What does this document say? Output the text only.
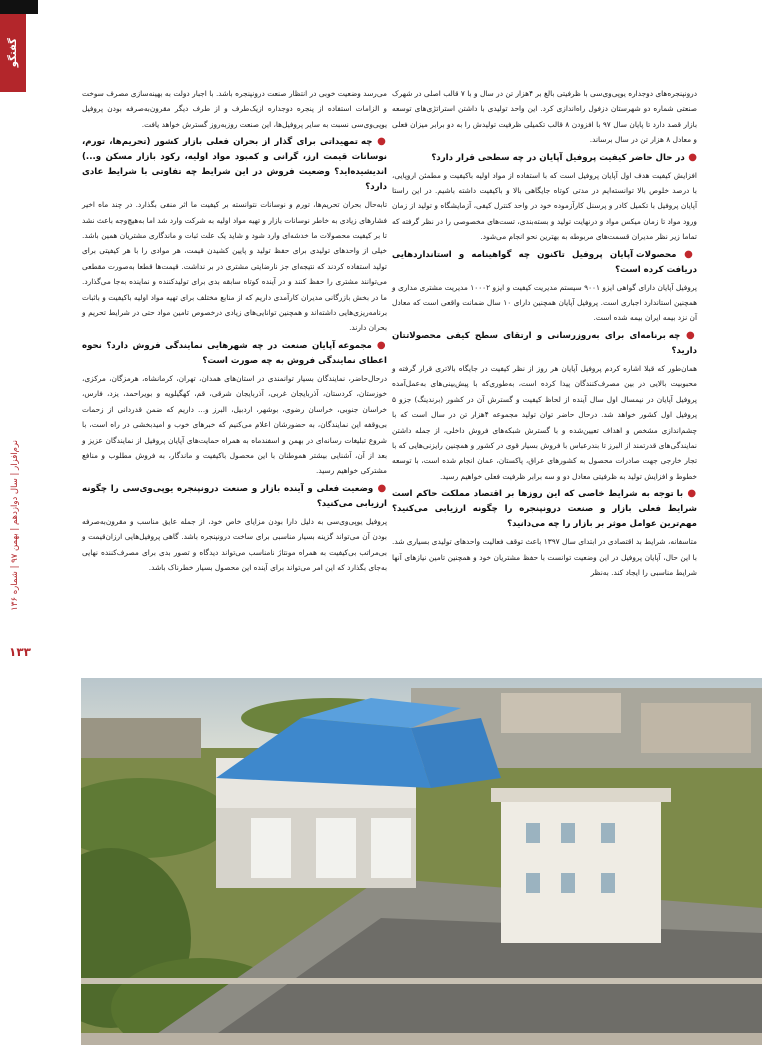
گفتگو
نرم‌افزار | سال دوازدهم | بهمن ۹۷ | شماره ۱۳۶
۱۳۳

درونپنجره‌های دوجداره یوپی‌وی‌سی با ظرفیتی بالغ بر ۴هزار تن در سال و با ۷ قالب اصلی در شهرک صنعتی شماره دو شهرستان دزفول راه‌اندازی کرد. این واحد تولیدی با داشتن استراتژی‌های توسعه بازار قصد دارد تا پایان سال ۹۷ با افزودن ۸ قالب تکمیلی ظرفیت تولیدش را به دو برابر میزان فعلی و معادل ۸ هزار تن در سال برساند.

● در حال حاضر کیفیت پروفیل آپایان در چه سطحی قرار دارد؟

افزایش کیفیت هدف اول آپایان پروفیل است که با استفاده از مواد اولیه باکیفیت و مطمئن اروپایی، با درصد خلوص بالا توانسته‌ایم در مدتی کوتاه جایگاهی بالا و باکیفیت داشته باشیم. در این راستا آپایان پروفیل با تکمیل کادر و پرسنل کارآزموده خود در واحد کنترل کیفی، آزمایشگاه و تولید از زمان ورود مواد تا زمان میکس مواد و درنهایت تولید و بسته‌بندی، تست‌های مخصوصی را در نظر گرفته که تماما زیر نظر مدیران قسمت‌های مربوطه به بهترین نحو انجام می‌شود.

● محصولات آپایان پروفیل تاکنون چه گواهینامه و استانداردهایی دریافت کرده است؟

پروفیل آپایان دارای گواهی ایزو ۹۰۰۱ سیستم مدیریت کیفیت و ایزو ۱۰۰۰۲ مدیریت مشتری مداری و همچنین استاندارد اجباری است. پروفیل آپایان همچنین دارای ۱۰ سال ضمانت واقعی است که معادل آن نزد بیمه ایران بیمه شده است.

● چه برنامه‌ای برای به‌روزرسانی و ارتقای سطح کیفی محصولاتتان دارید؟

همان‌طور که قبلا اشاره کردم پروفیل آپایان هر روز از نظر کیفیت در جایگاه بالاتری قرار گرفته و محبوبیت بالایی در بین مصرف‌کنندگان پیدا کرده است، به‌طوری‌که با پیش‌بینی‌های به‌عمل‌آمده پروفیل آپایان در نیمسال اول سال آینده از لحاظ کیفیت و گسترش آن در کشور (برندینگ) جزو ۵ پروفیل اول کشور خواهد شد. درحال حاضر توان تولید مجموعه ۴هزار تن در سال است که با چشم‌اندازی مشخص و اهداف تعیین‌شده و با گسترش شبکه‌های فروش داخلی، از جمله داشتن نمایندگی‌های قدرتمند از البرز تا بندرعباس با فروش بسیار قوی در کشور و همچنین رایزنی‌هایی که با تجار خارجی جهت صادرات محصول به کشورهای عراق، پاکستان، عمان انجام شده است، با توسعه خطوط و افزایش تولید به ظرفیتی معادل دو و سه برابر ظرفیت فعلی خواهیم رسید.

● با توجه به شرایط خاصی که این روزها بر اقتصاد مملکت حاکم است شرایط فعلی بازار و صنعت درونپنجره را چگونه ارزیابی می‌کنید؟ مهم‌ترین عوامل موثر بر بازار را چه می‌دانید؟

متاسفانه، شرایط بد اقتصادی در ابتدای سال ۱۳۹۷ باعث توقف فعالیت واحدهای تولیدی بسیاری شد. با این حال، آپایان پروفیل در این وضعیت توانست با حفظ مشتریان خود و همچنین تامین نیازهای آنها شرایط مناسبی را ایجاد کند. به‌نظر

می‌رسد وضعیت خوبی در انتظار صنعت درونپنجره باشد. با اجبار دولت به بهینه‌سازی مصرف سوخت و الزامات استفاده از پنجره دوجداره ازیک‌طرف و از طرف دیگر مقرون‌به‌صرفه بودن پروفیل یوپی‌وی‌سی نسبت به سایر پروفیل‌ها، این صنعت روزبه‌روز گسترش خواهد یافت.

● چه تمهیداتی برای گذار از بحران فعلی بازار کشور (تحریم‌ها، تورم، نوسانات قیمت ارز، گرانی و کمبود مواد اولیه، رکود بازار مسکن و...) اندیشیده‌اید؟ وضعیت فروش در این شرایط چه تفاوتی با شرایط عادی دارد؟

تابه‌حال بحران تحریم‌ها، تورم و نوسانات نتوانسته بر کیفیت ما اثر منفی بگذارد. در چند ماه اخیر فشارهای زیادی به خاطر نوسانات بازار و تهیه مواد اولیه به شرکت وارد شد اما به‌هیچ‌وجه باعث نشد تا بر کیفیت محصولات ما خدشه‌ای وارد شود و شاید یک علت ثبات و ماندگاری مشتریان همین باشد. خیلی از واحدهای تولیدی برای حفظ تولید و پایین کشیدن قیمت، هر موادی را با هر کیفیتی برای تولید استفاده کردند که نتیجه‌ای جز نارضایتی مشتری در بر نداشت. قیمت‌ها قطعا به‌صورت مقطعی می‌توانند مشتری را حفظ کنند و در آینده کوتاه سابقه بدی برای تولیدکننده و نماینده به‌جا می‌گذارد. ما در بخش بازرگانی مدیران کارآمدی داریم که از منابع مختلف برای تهیه مواد اولیه باکیفیت و باثبات برنامه‌ریزی‌هایی داشته‌اند و همچنین توانایی‌های زیادی درخصوص تامین مواد حتی در شرایط تحریم و بحران دارند.

● مجموعه آپایان صنعت در چه شهرهایی نمایندگی فروش دارد؟ نحوه اعطای نمایندگی فروش به چه صورت است؟

درحال‌حاضر، نمایندگان بسیار توانمندی در استان‌های همدان، تهران، کرمانشاه، هرمزگان، مرکزی، خوزستان، کردستان، آذربایجان غربی، آذربایجان شرقی، قم، کهگیلویه و بویراحمد، یزد، فارس، خراسان جنوبی، خراسان رضوی، بوشهر، اردبیل، البرز و... داریم که ضمن قدردانی از زحمات بی‌وقفه این نمایندگان، به حضورشان اعلام می‌کنیم که خبرهای خوب و امیدبخشی در راه است، با شروع تبلیغات رسانه‌ای در بهمن و اسفندماه به همراه حمایت‌های آپایان پروفیل از نمایندگان عزیز و بعد از آن، آشنایی بیشتر هموطنان با این محصول باکیفیت و ماندگار، به فروش مطلوب و منافع مشترکی خواهیم رسید.

● وضعیت فعلی و آینده بازار و صنعت درونپنجره یوپی‌وی‌سی را چگونه ارزیابی می‌کنید؟

پروفیل یوپی‌وی‌سی به دلیل دارا بودن مزایای خاص خود، از جمله عایق مناسب و مقرون‌به‌صرفه بودن آن می‌تواند گزینه بسیار مناسبی برای ساخت درونپنجره باشد. گاهی پروفیل‌هایی ارزان‌قیمت و بی‌مراتب بی‌کیفیت به همراه مونتاژ نامناسب می‌تواند دیدگاه و تصور بدی برای مصرف‌کننده نهایی به‌جای بگذارد که این امر می‌تواند برای آینده این محصول بسیار خطرناک باشد.
